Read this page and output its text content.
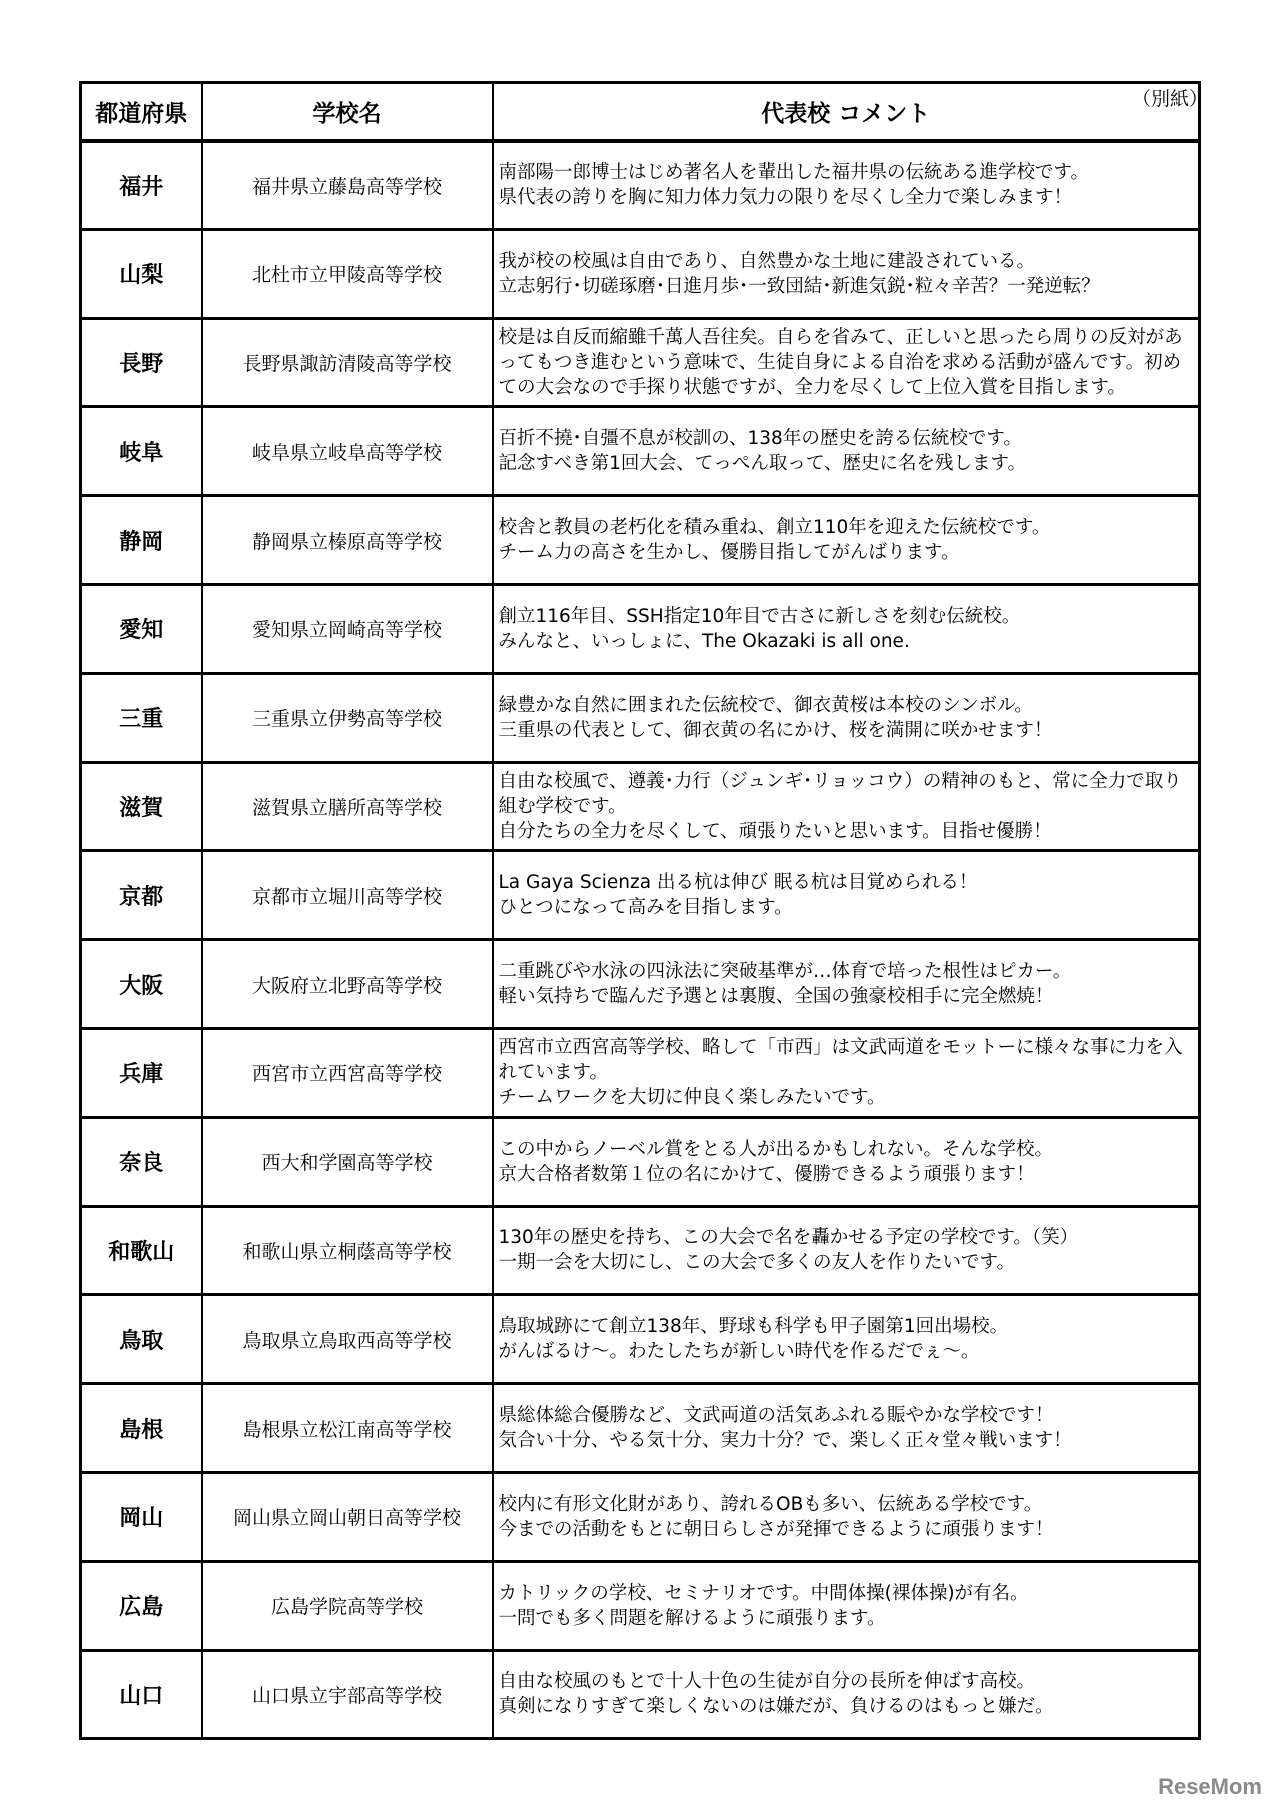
（別紙）
都道府県	学校名	代表校 コメント
福井	福井県立藤島高等学校	南部陽一郎博士はじめ著名人を輩出した福井県の伝統ある進学校です。
県代表の誇りを胸に知力体力気力の限りを尽くし全力で楽しみます！
山梨	北杜市立甲陵高等学校	我が校の校風は自由であり、自然豊かな土地に建設されている。
立志躬行･切磋琢磨･日進月歩･一致団結･新進気鋭･粒々辛苦？一発逆転？
長野	長野県諏訪清陵高等学校	校是は自反而縮雖千萬人吾往矣。自らを省みて、正しいと思ったら周りの反対があってもつき進むという意味で、生徒自身による自治を求める活動が盛んです。初めての大会なので手探り状態ですが、全力を尽くして上位入賞を目指します。
岐阜	岐阜県立岐阜高等学校	百折不撓･自彊不息が校訓の、138年の歴史を誇る伝統校です。
記念すべき第1回大会、てっぺん取って、歴史に名を残します。
静岡	静岡県立榛原高等学校	校舎と教員の老朽化を積み重ね、創立110年を迎えた伝統校です。
チーム力の高さを生かし、優勝目指してがんばります。
愛知	愛知県立岡崎高等学校	創立116年目、SSH指定10年目で古さに新しさを刻む伝統校。
みんなと、いっしょに、The Okazaki is all one.
三重	三重県立伊勢高等学校	緑豊かな自然に囲まれた伝統校で、御衣黄桜は本校のシンボル。
三重県の代表として、御衣黄の名にかけ、桜を満開に咲かせます！
滋賀	滋賀県立膳所高等学校	自由な校風で、遵義･力行（ジュンギ･リョッコウ）の精神のもと、常に全力で取り組む学校です。
自分たちの全力を尽くして、頑張りたいと思います。目指せ優勝！
京都	京都市立堀川高等学校	La Gaya Scienza 出る杭は伸び 眠る杭は目覚められる！
ひとつになって高みを目指します。
大阪	大阪府立北野高等学校	二重跳びや水泳の四泳法に突破基準が…体育で培った根性はピカー。
軽い気持ちで臨んだ予選とは裏腹、全国の強豪校相手に完全燃焼！
兵庫	西宮市立西宮高等学校	西宮市立西宮高等学校、略して「市西」は文武両道をモットーに様々な事に力を入れています。
チームワークを大切に仲良く楽しみたいです。
奈良	西大和学園高等学校	この中からノーベル賞をとる人が出るかもしれない。そんな学校。
京大合格者数第１位の名にかけて、優勝できるよう頑張ります！
和歌山	和歌山県立桐蔭高等学校	130年の歴史を持ち、この大会で名を轟かせる予定の学校です。（笑）
一期一会を大切にし、この大会で多くの友人を作りたいです。
鳥取	鳥取県立鳥取西高等学校	鳥取城跡にて創立138年、野球も科学も甲子園第1回出場校。
がんばるけ～。わたしたちが新しい時代を作るだでぇ～。
島根	島根県立松江南高等学校	県総体総合優勝など、文武両道の活気あふれる賑やかな学校です！
気合い十分、やる気十分、実力十分？で、楽しく正々堂々戦います！
岡山	岡山県立岡山朝日高等学校	校内に有形文化財があり、誇れるOBも多い、伝統ある学校です。
今までの活動をもとに朝日らしさが発揮できるように頑張ります！
広島	広島学院高等学校	カトリックの学校、セミナリオです。中間体操(裸体操)が有名。
一問でも多く問題を解けるように頑張ります。
山口	山口県立宇部高等学校	自由な校風のもとで十人十色の生徒が自分の長所を伸ばす高校。
真剣になりすぎて楽しくないのは嫌だが、負けるのはもっと嫌だ。
ReseMom
